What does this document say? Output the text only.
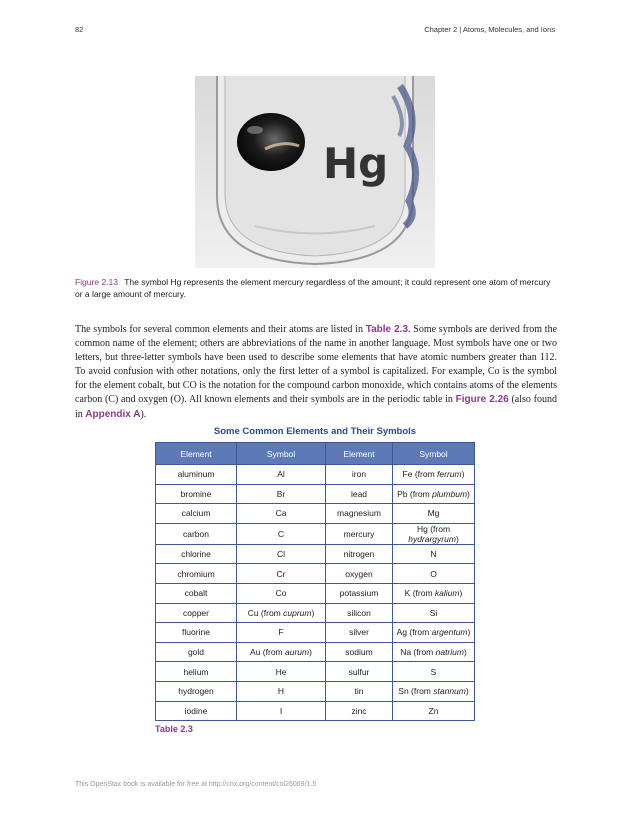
82	Chapter 2 | Atoms, Molecules, and Ions
Hg
Figure 2.13 The symbol Hg represents the element mercury regardless of the amount; it could represent one atom of mercury or a large amount of mercury.
The symbols for several common elements and their atoms are listed in Table 2.3. Some symbols are derived from the common name of the element; others are abbreviations of the name in another language. Most symbols have one or two letters, but three-letter symbols have been used to describe some elements that have atomic numbers greater than 112. To avoid confusion with other notations, only the first letter of a symbol is capitalized. For example, Co is the symbol for the element cobalt, but CO is the notation for the compound carbon monoxide, which contains atoms of the elements carbon (C) and oxygen (O). All known elements and their symbols are in the periodic table in Figure 2.26 (also found in Appendix A).
Some Common Elements and Their Symbols
Element	Symbol	Element	Symbol
aluminum	Al	iron	Fe (from ferrum)
bromine	Br	lead	Pb (from plumbum)
calcium	Ca	magnesium	Mg
carbon	C	mercury	Hg (from hydrargyrum)
chlorine	Cl	nitrogen	N
chromium	Cr	oxygen	O
cobalt	Co	potassium	K (from kalium)
copper	Cu (from cuprum)	silicon	Si
fluorine	F	silver	Ag (from argentum)
gold	Au (from aurum)	sodium	Na (from natrium)
helium	He	sulfur	S
hydrogen	H	tin	Sn (from stannum)
iodine	I	zinc	Zn
Table 2.3
This OpenStax book is available for free at http://cnx.org/content/col26069/1.5
